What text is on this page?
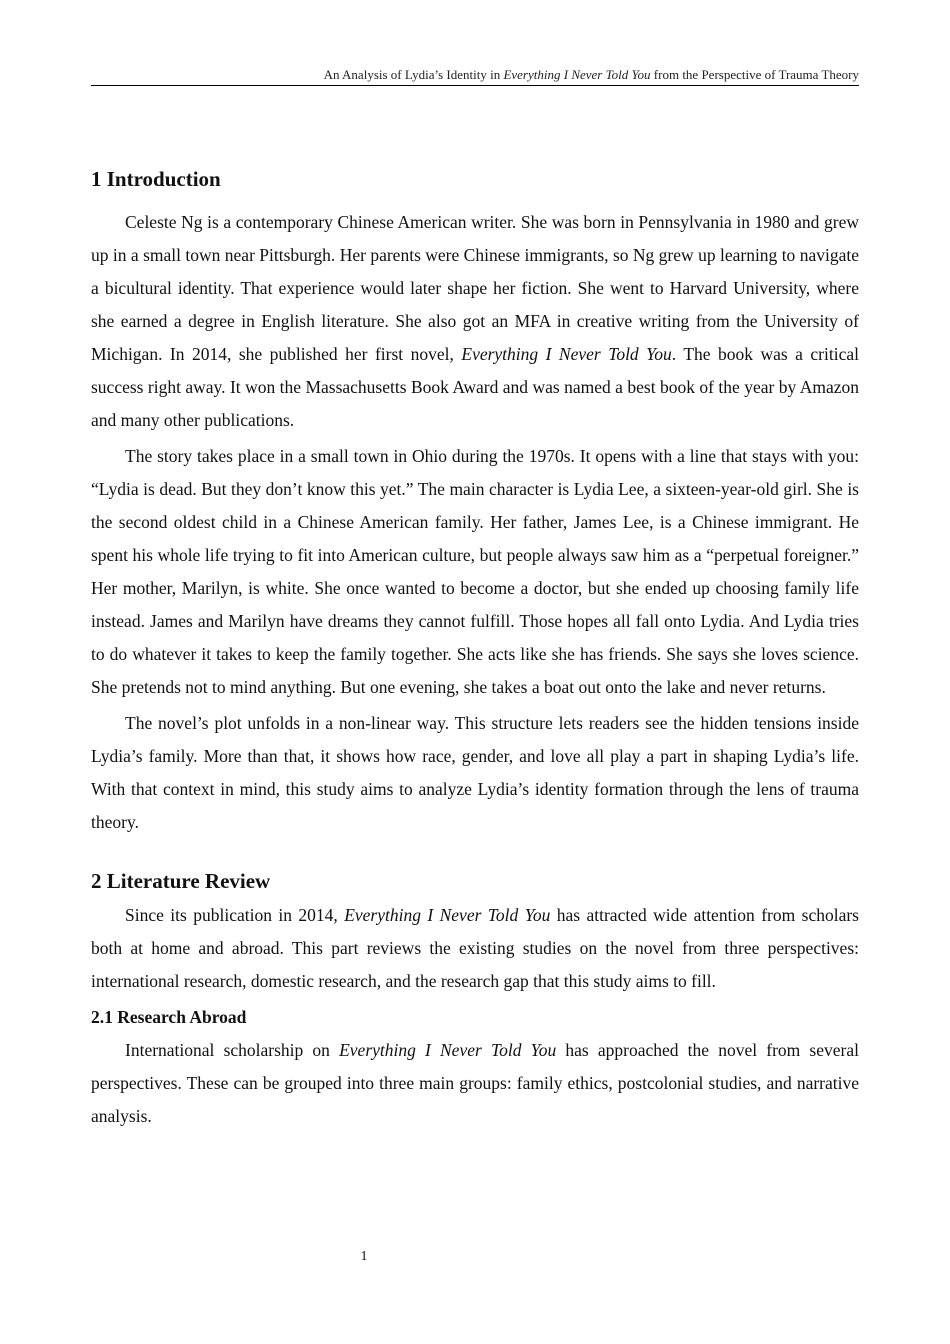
An Analysis of Lydia’s Identity in Everything I Never Told You from the Perspective of Trauma Theory
1 Introduction

Celeste Ng is a contemporary Chinese American writer. She was born in Pennsylvania in 1980 and grew up in a small town near Pittsburgh. Her parents were Chinese immigrants, so Ng grew up learning to navigate a bicultural identity. That experience would later shape her fiction. She went to Harvard University, where she earned a degree in English literature. She also got an MFA in creative writing from the University of Michigan. In 2014, she published her first novel, Everything I Never Told You. The book was a critical success right away. It won the Massachusetts Book Award and was named a best book of the year by Amazon and many other publications.

The story takes place in a small town in Ohio during the 1970s. It opens with a line that stays with you: “Lydia is dead. But they don’t know this yet.” The main character is Lydia Lee, a sixteen-year-old girl. She is the second oldest child in a Chinese American family. Her father, James Lee, is a Chinese immigrant. He spent his whole life trying to fit into American culture, but people always saw him as a “perpetual foreigner.” Her mother, Marilyn, is white. She once wanted to become a doctor, but she ended up choosing family life instead. James and Marilyn have dreams they cannot fulfill. Those hopes all fall onto Lydia. And Lydia tries to do whatever it takes to keep the family together. She acts like she has friends. She says she loves science. She pretends not to mind anything. But one evening, she takes a boat out onto the lake and never returns.

The novel’s plot unfolds in a non-linear way. This structure lets readers see the hidden tensions inside Lydia’s family. More than that, it shows how race, gender, and love all play a part in shaping Lydia’s life. With that context in mind, this study aims to analyze Lydia’s identity formation through the lens of trauma theory.

2 Literature Review

Since its publication in 2014, Everything I Never Told You has attracted wide attention from scholars both at home and abroad. This part reviews the existing studies on the novel from three perspectives: international research, domestic research, and the research gap that this study aims to fill.

2.1 Research Abroad

International scholarship on Everything I Never Told You has approached the novel from several perspectives. These can be grouped into three main groups: family ethics, postcolonial studies, and narrative analysis.

1
